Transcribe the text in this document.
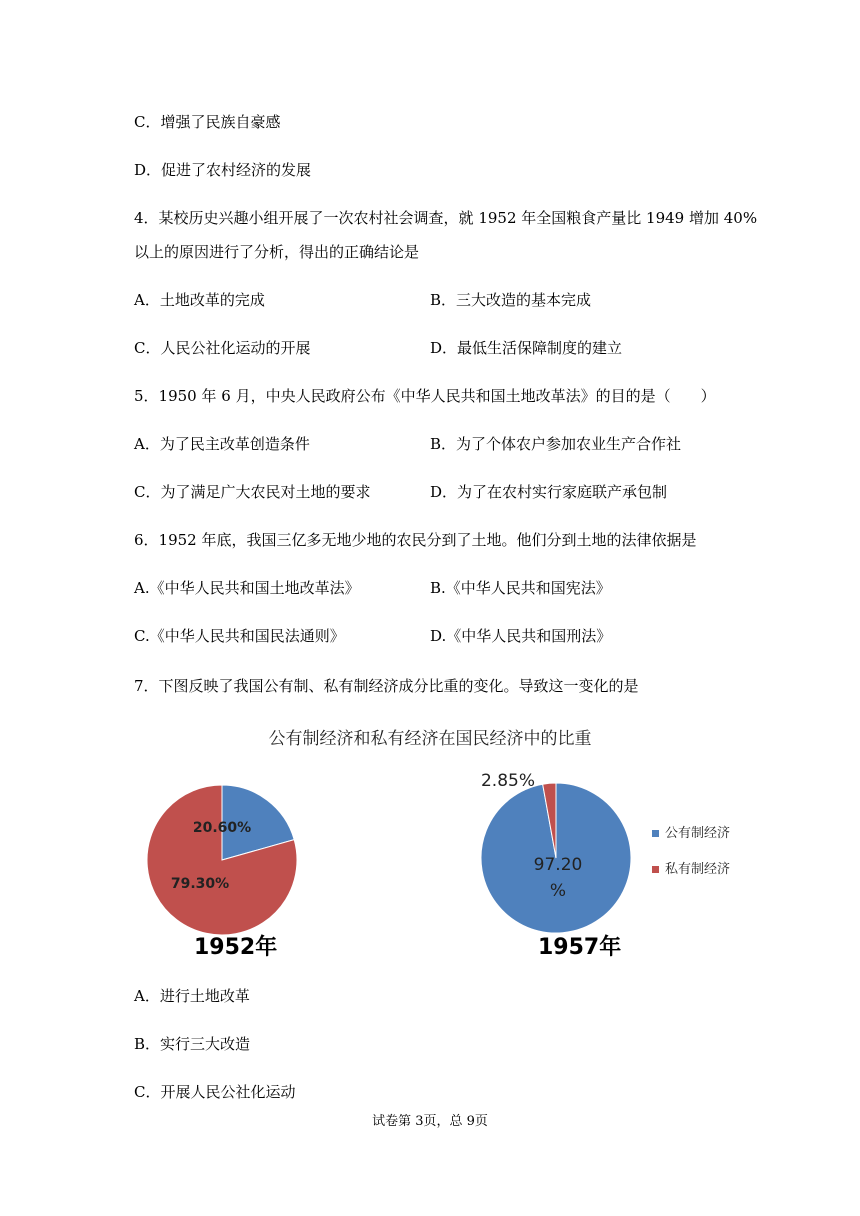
C．增强了民族自豪感
D．促进了农村经济的发展
4．某校历史兴趣小组开展了一次农村社会调查，就 1952 年全国粮食产量比 1949 增加 40%
以上的原因进行了分析，得出的正确结论是
A．土地改革的完成	B．三大改造的基本完成
C．人民公社化运动的开展	D．最低生活保障制度的建立
5．1950 年 6 月，中央人民政府公布《中华人民共和国土地改革法》的目的是（　　）
A．为了民主改革创造条件	B．为了个体农户参加农业生产合作社
C．为了满足广大农民对土地的要求	D．为了在农村实行家庭联产承包制
6．1952 年底，我国三亿多无地少地的农民分到了土地。他们分到土地的法律依据是
A.《中华人民共和国土地改革法》	B.《中华人民共和国宪法》
C.《中华人民共和国民法通则》	D.《中华人民共和国刑法》
7．下图反映了我国公有制、私有制经济成分比重的变化。导致这一变化的是
公有制经济和私有经济在国民经济中的比重
20.60%
79.30%
97.20 %
2.85%
公有制经济
私有制经济
1952年	1957年
A．进行土地改革
B．实行三大改造
C．开展人民公社化运动
试卷第 3页，总 9页
